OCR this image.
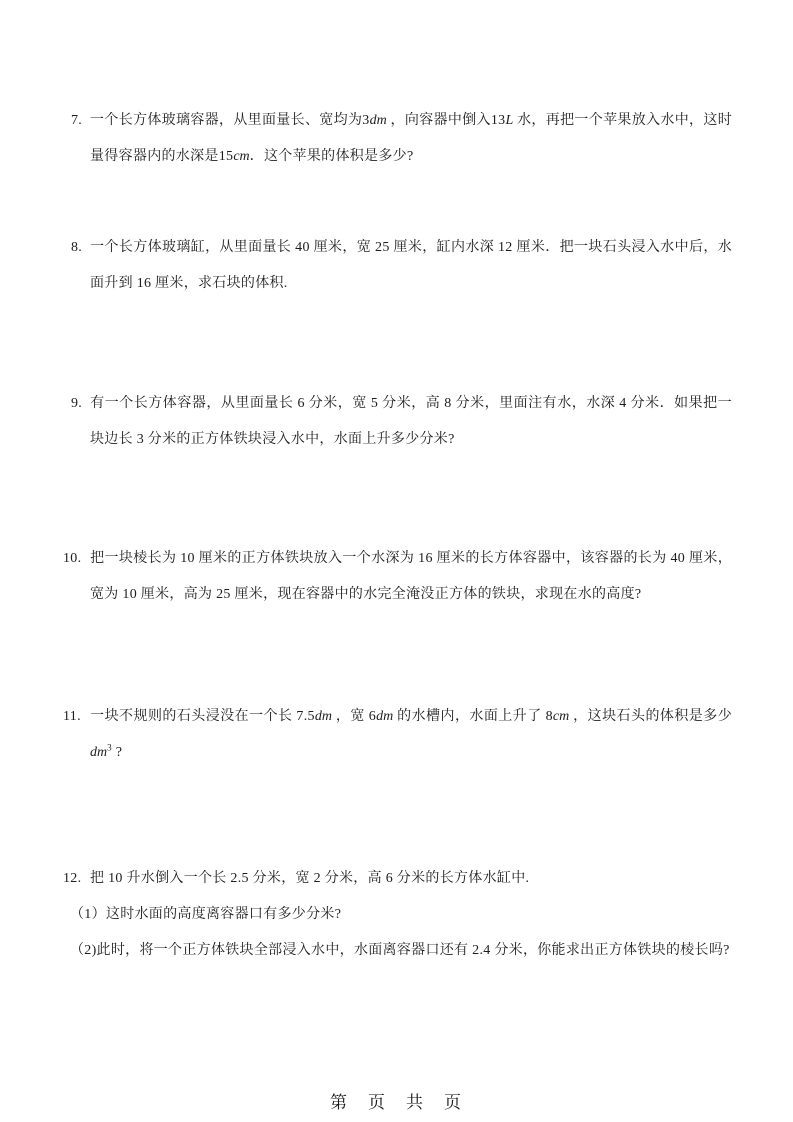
7. 一个长方体玻璃容器，从里面量长、宽均为3dm ，向容器中倒入13L 水，再把一个苹果放入水中，这时量得容器内的水深是15cm．这个苹果的体积是多少?
8. 一个长方体玻璃缸，从里面量长 40 厘米，宽 25 厘米，缸内水深 12 厘米．把一块石头浸入水中后，水面升到 16 厘米，求石块的体积.
9. 有一个长方体容器，从里面量长 6 分米，宽 5 分米，高 8 分米，里面注有水，水深 4 分米．如果把一块边长 3 分米的正方体铁块浸入水中，水面上升多少分米?
10. 把一块棱长为 10 厘米的正方体铁块放入一个水深为 16 厘米的长方体容器中，该容器的长为 40 厘米，宽为 10 厘米，高为 25 厘米，现在容器中的水完全淹没正方体的铁块，求现在水的高度?
11. 一块不规则的石头浸没在一个长 7.5dm ，宽 6dm 的水槽内，水面上升了 8cm ，这块石头的体积是多少 $dm^3$ ?
12. 把 10 升水倒入一个长 2.5 分米，宽 2 分米，高 6 分米的长方体水缸中.
（1）这时水面的高度离容器口有多少分米?
（2)此时，将一个正方体铁块全部浸入水中，水面离容器口还有 2.4 分米，你能求出正方体铁块的棱长吗?
第　页　共　页
